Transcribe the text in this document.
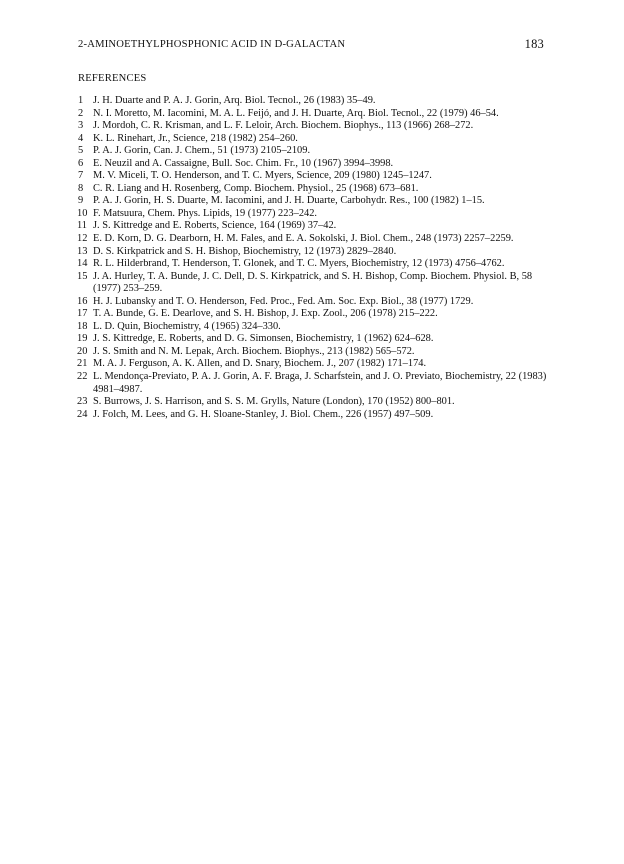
2-AMINOETHYLPHOSPHONIC ACID IN D-GALACTAN	183
REFERENCES
1 J. H. Duarte and P. A. J. Gorin, Arq. Biol. Tecnol., 26 (1983) 35–49.
2 N. I. Moretto, M. Iacomini, M. A. L. Feijó, and J. H. Duarte, Arq. Biol. Tecnol., 22 (1979) 46–54.
3 J. Mordoh, C. R. Krisman, and L. F. Leloir, Arch. Biochem. Biophys., 113 (1966) 268–272.
4 K. L. Rinehart, Jr., Science, 218 (1982) 254–260.
5 P. A. J. Gorin, Can. J. Chem., 51 (1973) 2105–2109.
6 E. Neuzil and A. Cassaigne, Bull. Soc. Chim. Fr., 10 (1967) 3994–3998.
7 M. V. Miceli, T. O. Henderson, and T. C. Myers, Science, 209 (1980) 1245–1247.
8 C. R. Liang and H. Rosenberg, Comp. Biochem. Physiol., 25 (1968) 673–681.
9 P. A. J. Gorin, H. S. Duarte, M. Iacomini, and J. H. Duarte, Carbohydr. Res., 100 (1982) 1–15.
10 F. Matsuura, Chem. Phys. Lipids, 19 (1977) 223–242.
11 J. S. Kittredge and E. Roberts, Science, 164 (1969) 37–42.
12 E. D. Korn, D. G. Dearborn, H. M. Fales, and E. A. Sokolski, J. Biol. Chem., 248 (1973) 2257–2259.
13 D. S. Kirkpatrick and S. H. Bishop, Biochemistry, 12 (1973) 2829–2840.
14 R. L. Hilderbrand, T. Henderson, T. Glonek, and T. C. Myers, Biochemistry, 12 (1973) 4756–4762.
15 J. A. Hurley, T. A. Bunde, J. C. Dell, D. S. Kirkpatrick, and S. H. Bishop, Comp. Biochem. Physiol. B, 58 (1977) 253–259.
16 H. J. Lubansky and T. O. Henderson, Fed. Proc., Fed. Am. Soc. Exp. Biol., 38 (1977) 1729.
17 T. A. Bunde, G. E. Dearlove, and S. H. Bishop, J. Exp. Zool., 206 (1978) 215–222.
18 L. D. Quin, Biochemistry, 4 (1965) 324–330.
19 J. S. Kittredge, E. Roberts, and D. G. Simonsen, Biochemistry, 1 (1962) 624–628.
20 J. S. Smith and N. M. Lepak, Arch. Biochem. Biophys., 213 (1982) 565–572.
21 M. A. J. Ferguson, A. K. Allen, and D. Snary, Biochem. J., 207 (1982) 171–174.
22 L. Mendonça-Previato, P. A. J. Gorin, A. F. Braga, J. Scharfstein, and J. O. Previato, Biochemistry, 22 (1983) 4981–4987.
23 S. Burrows, J. S. Harrison, and S. S. M. Grylls, Nature (London), 170 (1952) 800–801.
24 J. Folch, M. Lees, and G. H. Sloane-Stanley, J. Biol. Chem., 226 (1957) 497–509.
